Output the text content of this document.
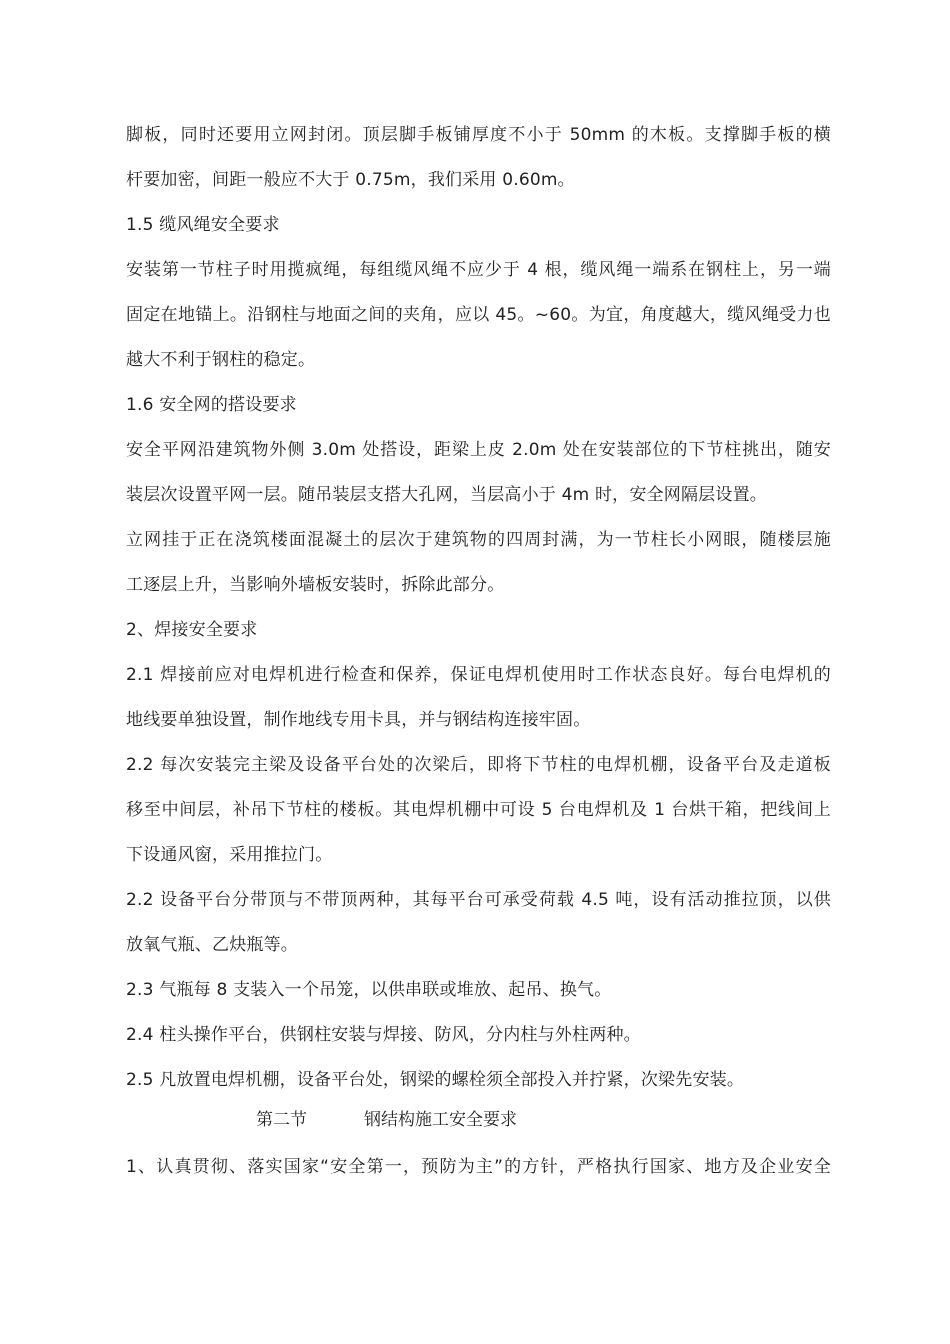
脚板，同时还要用立网封闭。顶层脚手板铺厚度不小于 50mm 的木板。支撑脚手板的横
杆要加密，间距一般应不大于 0.75m，我们采用 0.60m。
1.5 缆风绳安全要求
安装第一节柱子时用揽疯绳，每组缆风绳不应少于 4 根，缆风绳一端系在钢柱上，另一端
固定在地锚上。沿钢柱与地面之间的夹角，应以 45。~60。为宜，角度越大，缆风绳受力也
越大不利于钢柱的稳定。
1.6 安全网的搭设要求
安全平网沿建筑物外侧 3.0m 处搭设，距梁上皮 2.0m 处在安装部位的下节柱挑出，随安
装层次设置平网一层。随吊装层支搭大孔网，当层高小于 4m 时，安全网隔层设置。
立网挂于正在浇筑楼面混凝土的层次于建筑物的四周封满，为一节柱长小网眼，随楼层施
工逐层上升，当影响外墙板安装时，拆除此部分。
2、焊接安全要求
2.1 焊接前应对电焊机进行检查和保养，保证电焊机使用时工作状态良好。每台电焊机的
地线要单独设置，制作地线专用卡具，并与钢结构连接牢固。
2.2 每次安装完主梁及设备平台处的次梁后，即将下节柱的电焊机棚，设备平台及走道板
移至中间层，补吊下节柱的楼板。其电焊机棚中可设 5 台电焊机及 1 台烘干箱，把线间上
下设通风窗，采用推拉门。
2.2 设备平台分带顶与不带顶两种，其每平台可承受荷载 4.5 吨，设有活动推拉顶，以供
放氧气瓶、乙炔瓶等。
2.3 气瓶每 8 支装入一个吊笼，以供串联或堆放、起吊、换气。
2.4 柱头操作平台，供钢柱安装与焊接、防风，分内柱与外柱两种。
2.5 凡放置电焊机棚，设备平台处，钢梁的螺栓须全部投入并拧紧，次梁先安装。
第二节	钢结构施工安全要求
1、认真贯彻、落实国家“安全第一，预防为主”的方针，严格执行国家、地方及企业安全
